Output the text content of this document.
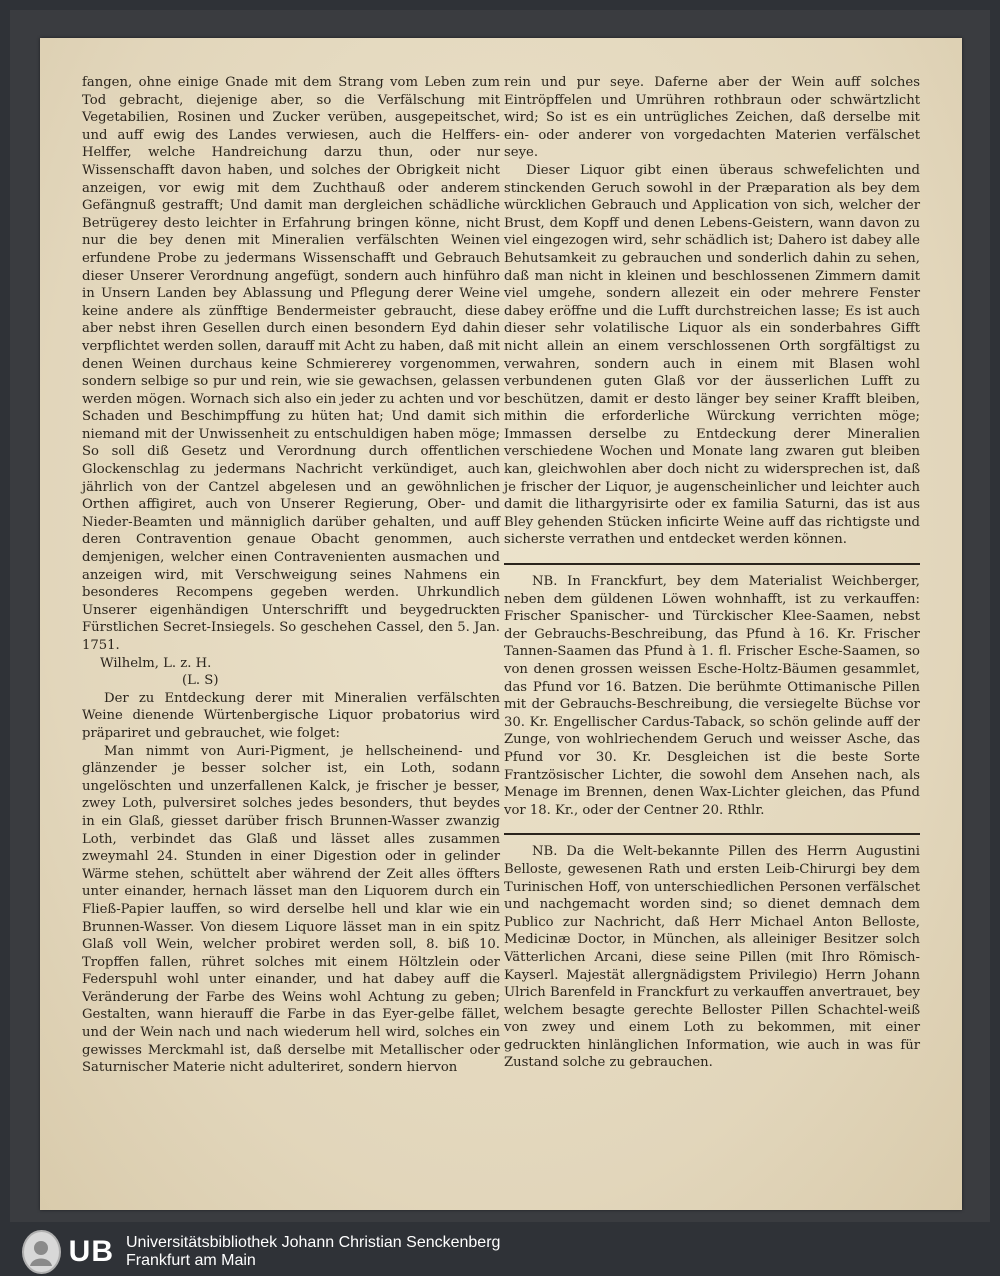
fangen, ohne einige Gnade mit dem Strang vom Leben zum Tod gebracht, diejenige aber, so die Verfälschung mit Vegetabilien, Rosinen und Zucker verüben, ausgepeitschet, und auff ewig des Landes verwiesen, auch die Helffers-Helffer, welche Handreichung darzu thun, oder nur Wissenschafft davon haben, und solches der Obrigkeit nicht anzeigen, vor ewig mit dem Zuchthauß oder anderem Gefängnuß gestrafft; Und damit man dergleichen schädliche Betrügerey desto leichter in Erfahrung bringen könne, nicht nur die bey denen mit Mineralien verfälschten Weinen erfundene Probe zu jedermans Wissenschafft und Gebrauch dieser Unserer Verordnung angefügt, sondern auch hinführo in Unsern Landen bey Ablassung und Pflegung derer Weine keine andere als zünfftige Bendermeister gebraucht, diese aber nebst ihren Gesellen durch einen besondern Eyd dahin verpflichtet werden sollen, darauff mit Acht zu haben, daß mit denen Weinen durchaus keine Schmiererey vorgenommen, sondern selbige so pur und rein, wie sie gewachsen, gelassen werden mögen. Wornach sich also ein jeder zu achten und vor Schaden und Beschimpffung zu hüten hat; Und damit sich niemand mit der Unwissenheit zu entschuldigen haben möge; So soll diß Gesetz und Verordnung durch offentlichen Glockenschlag zu jedermans Nachricht verkündiget, auch jährlich von der Cantzel abgelesen und an gewöhnlichen Orthen affigiret, auch von Unserer Regierung, Ober- und Nieder-Beamten und männiglich darüber gehalten, und auff deren Contravention genaue Obacht genommen, auch demjenigen, welcher einen Contravenienten ausmachen und anzeigen wird, mit Verschweigung seines Nahmens ein besonderes Recompens gegeben werden. Uhrkundlich Unserer eigenhändigen Unterschrifft und beygedruckten Fürstlichen Secret-Insiegels. So geschehen Cassel, den 5. Jan. 1751.

Wilhelm, L. z. H.

(L. S)

Der zu Entdeckung derer mit Mineralien verfälschten Weine dienende Würtenbergische Liquor probatorius wird präpariret und gebrauchet, wie folget:

Man nimmt von Auri-Pigment, je hellscheinend- und glänzender je besser solcher ist, ein Loth, sodann ungelöschten und unzerfallenen Kalck, je frischer je besser, zwey Loth, pulversiret solches jedes besonders, thut beydes in ein Glaß, giesset darüber frisch Brunnen-Wasser zwanzig Loth, verbindet das Glaß und lässet alles zusammen zweymahl 24. Stunden in einer Digestion oder in gelinder Wärme stehen, schüttelt aber während der Zeit alles öffters unter einander, hernach lässet man den Liquorem durch ein Fließ-Papier lauffen, so wird derselbe hell und klar wie ein Brunnen-Wasser. Von diesem Liquore lässet man in ein spitz Glaß voll Wein, welcher probiret werden soll, 8. biß 10. Tropffen fallen, rühret solches mit einem Höltzlein oder Federspuhl wohl unter einander, und hat dabey auff die Veränderung der Farbe des Weins wohl Achtung zu geben; Gestalten, wann hierauff die Farbe in das Eyer-gelbe fället, und der Wein nach und nach wiederum hell wird, solches ein gewisses Merckmahl ist, daß derselbe mit Metallischer oder Saturnischer Materie nicht adulteriret, sondern hiervon

rein und pur seye. Daferne aber der Wein auff solches Eintröpffelen und Umrühren rothbraun oder schwärtzlicht wird; So ist es ein untrügliches Zeichen, daß derselbe mit ein- oder anderer von vorgedachten Materien verfälschet seye.

Dieser Liquor gibt einen überaus schwefelichten und stinckenden Geruch sowohl in der Præparation als bey dem würcklichen Gebrauch und Application von sich, welcher der Brust, dem Kopff und denen Lebens-Geistern, wann davon zu viel eingezogen wird, sehr schädlich ist; Dahero ist dabey alle Behutsamkeit zu gebrauchen und sonderlich dahin zu sehen, daß man nicht in kleinen und beschlossenen Zimmern damit viel umgehe, sondern allezeit ein oder mehrere Fenster dabey eröffne und die Lufft durchstreichen lasse; Es ist auch dieser sehr volatilische Liquor als ein sonderbahres Gifft nicht allein an einem verschlossenen Orth sorgfältigst zu verwahren, sondern auch in einem mit Blasen wohl verbundenen guten Glaß vor der äusserlichen Lufft zu beschützen, damit er desto länger bey seiner Krafft bleiben, mithin die erforderliche Würckung verrichten möge; Immassen derselbe zu Entdeckung derer Mineralien verschiedene Wochen und Monate lang zwaren gut bleiben kan, gleichwohlen aber doch nicht zu widersprechen ist, daß je frischer der Liquor, je augenscheinlicher und leichter auch damit die lithargyrisirte oder ex familia Saturni, das ist aus Bley gehenden Stücken inficirte Weine auff das richtigste und sicherste verrathen und entdecket werden können.

NB. In Franckfurt, bey dem Materialist Weichberger, neben dem güldenen Löwen wohnhafft, ist zu verkauffen: Frischer Spanischer- und Türckischer Klee-Saamen, nebst der Gebrauchs-Beschreibung, das Pfund à 16. Kr. Frischer Tannen-Saamen das Pfund à 1. fl. Frischer Esche-Saamen, so von denen grossen weissen Esche-Holtz-Bäumen gesammlet, das Pfund vor 16. Batzen. Die berühmte Ottimanische Pillen mit der Gebrauchs-Beschreibung, die versiegelte Büchse vor 30. Kr. Engellischer Cardus-Taback, so schön gelinde auff der Zunge, von wohlriechendem Geruch und weisser Asche, das Pfund vor 30. Kr. Desgleichen ist die beste Sorte Frantzösischer Lichter, die sowohl dem Ansehen nach, als Menage im Brennen, denen Wax-Lichter gleichen, das Pfund vor 18. Kr., oder der Centner 20. Rthlr.

NB. Da die Welt-bekannte Pillen des Herrn Augustini Belloste, gewesenen Rath und ersten Leib-Chirurgi bey dem Turinischen Hoff, von unterschiedlichen Personen verfälschet und nachgemacht worden sind; so dienet demnach dem Publico zur Nachricht, daß Herr Michael Anton Belloste, Medicinæ Doctor, in München, als alleiniger Besitzer solch Vätterlichen Arcani, diese seine Pillen (mit Ihro Römisch-Kayserl. Majestät allergnädigstem Privilegio) Herrn Johann Ulrich Barenfeld in Franckfurt zu verkauffen anvertrauet, bey welchem besagte gerechte Belloster Pillen Schachtel-weiß von zwey und einem Loth zu bekommen, mit einer gedruckten hinlänglichen Information, wie auch in was für Zustand solche zu gebrauchen.

UB Universitätsbibliothek Johann Christian Senckenberg
Frankfurt am Main
